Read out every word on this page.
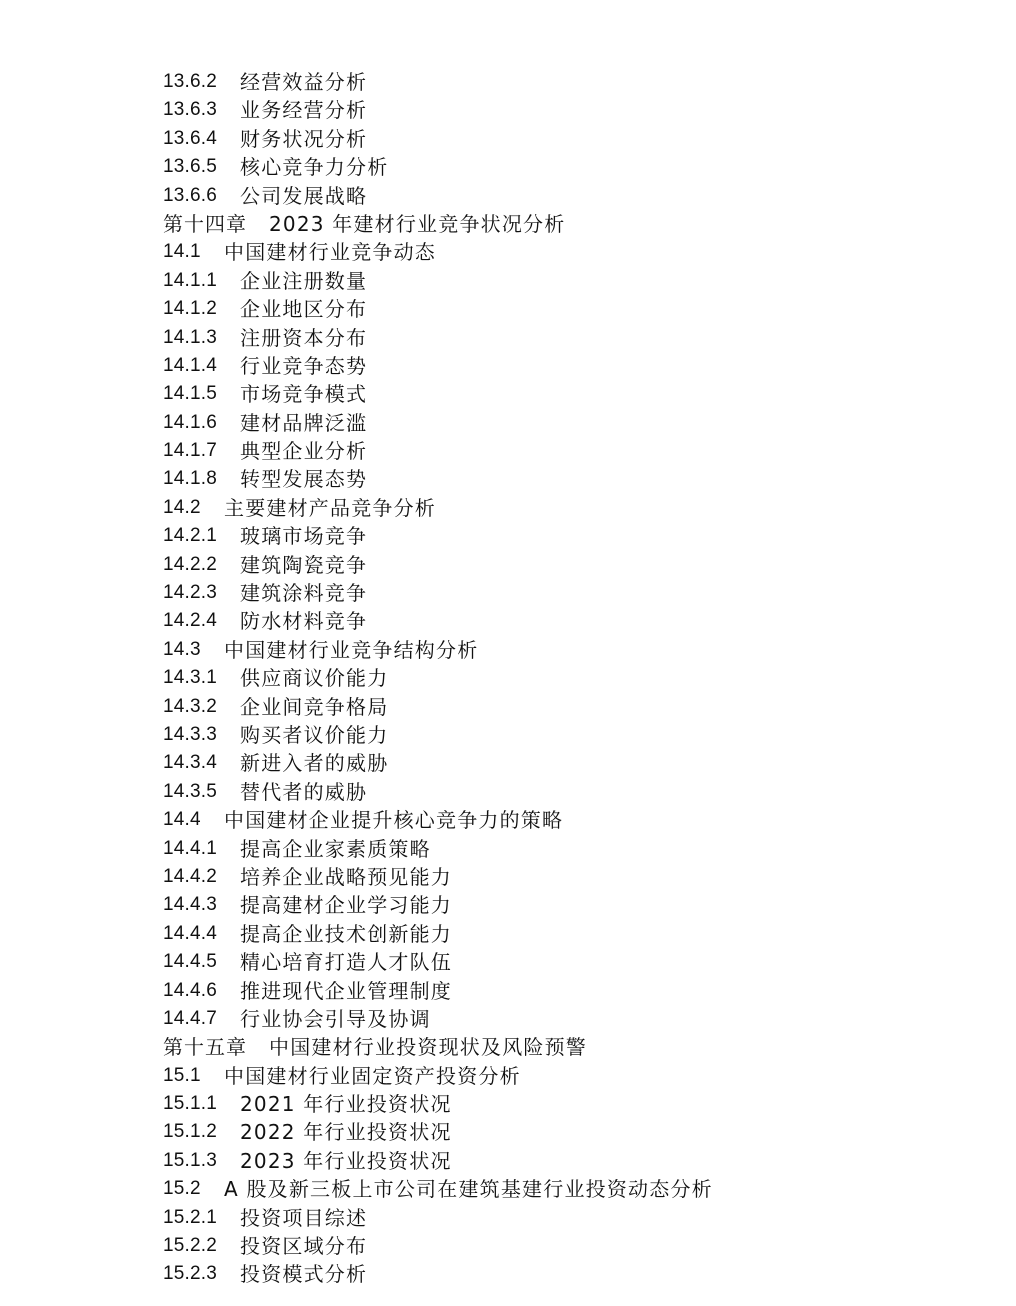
13.6.2	经营效益分析
13.6.3	业务经营分析
13.6.4	财务状况分析
13.6.5	核心竞争力分析
13.6.6	公司发展战略
第十四章 2023 年建材行业竞争状况分析
14.1	中国建材行业竞争动态
14.1.1	企业注册数量
14.1.2	企业地区分布
14.1.3	注册资本分布
14.1.4	行业竞争态势
14.1.5	市场竞争模式
14.1.6	建材品牌泛滥
14.1.7	典型企业分析
14.1.8	转型发展态势
14.2	主要建材产品竞争分析
14.2.1	玻璃市场竞争
14.2.2	建筑陶瓷竞争
14.2.3	建筑涂料竞争
14.2.4	防水材料竞争
14.3	中国建材行业竞争结构分析
14.3.1	供应商议价能力
14.3.2	企业间竞争格局
14.3.3	购买者议价能力
14.3.4	新进入者的威胁
14.3.5	替代者的威胁
14.4	中国建材企业提升核心竞争力的策略
14.4.1	提高企业家素质策略
14.4.2	培养企业战略预见能力
14.4.3	提高建材企业学习能力
14.4.4	提高企业技术创新能力
14.4.5	精心培育打造人才队伍
14.4.6	推进现代企业管理制度
14.4.7	行业协会引导及协调
第十五章 中国建材行业投资现状及风险预警
15.1	中国建材行业固定资产投资分析
15.1.1	2021 年行业投资状况
15.1.2	2022 年行业投资状况
15.1.3	2023 年行业投资状况
15.2	A 股及新三板上市公司在建筑基建行业投资动态分析
15.2.1	投资项目综述
15.2.2	投资区域分布
15.2.3	投资模式分析
